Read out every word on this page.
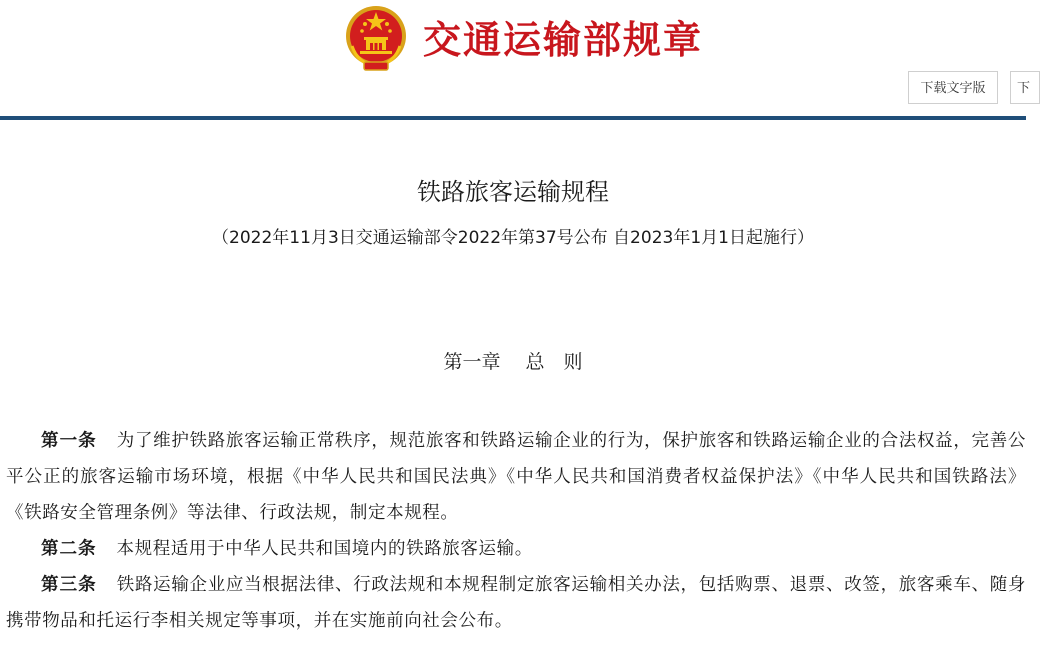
交通运输部规章
下载文字版	下
铁路旅客运输规程
（2022年11月3日交通运输部令2022年第37号公布 自2023年1月1日起施行）
第一章　 总　则

第一条 为了维护铁路旅客运输正常秩序，规范旅客和铁路运输企业的行为，保护旅客和铁路运输企业的合法权益，完善公平公正的旅客运输市场环境，根据《中华人民共和国民法典》《中华人民共和国消费者权益保护法》《中华人民共和国铁路法》《铁路安全管理条例》等法律、行政法规，制定本规程。

第二条 本规程适用于中华人民共和国境内的铁路旅客运输。

第三条 铁路运输企业应当根据法律、行政法规和本规程制定旅客运输相关办法，包括购票、退票、改签，旅客乘车、随身携带物品和托运行李相关规定等事项，并在实施前向社会公布。
